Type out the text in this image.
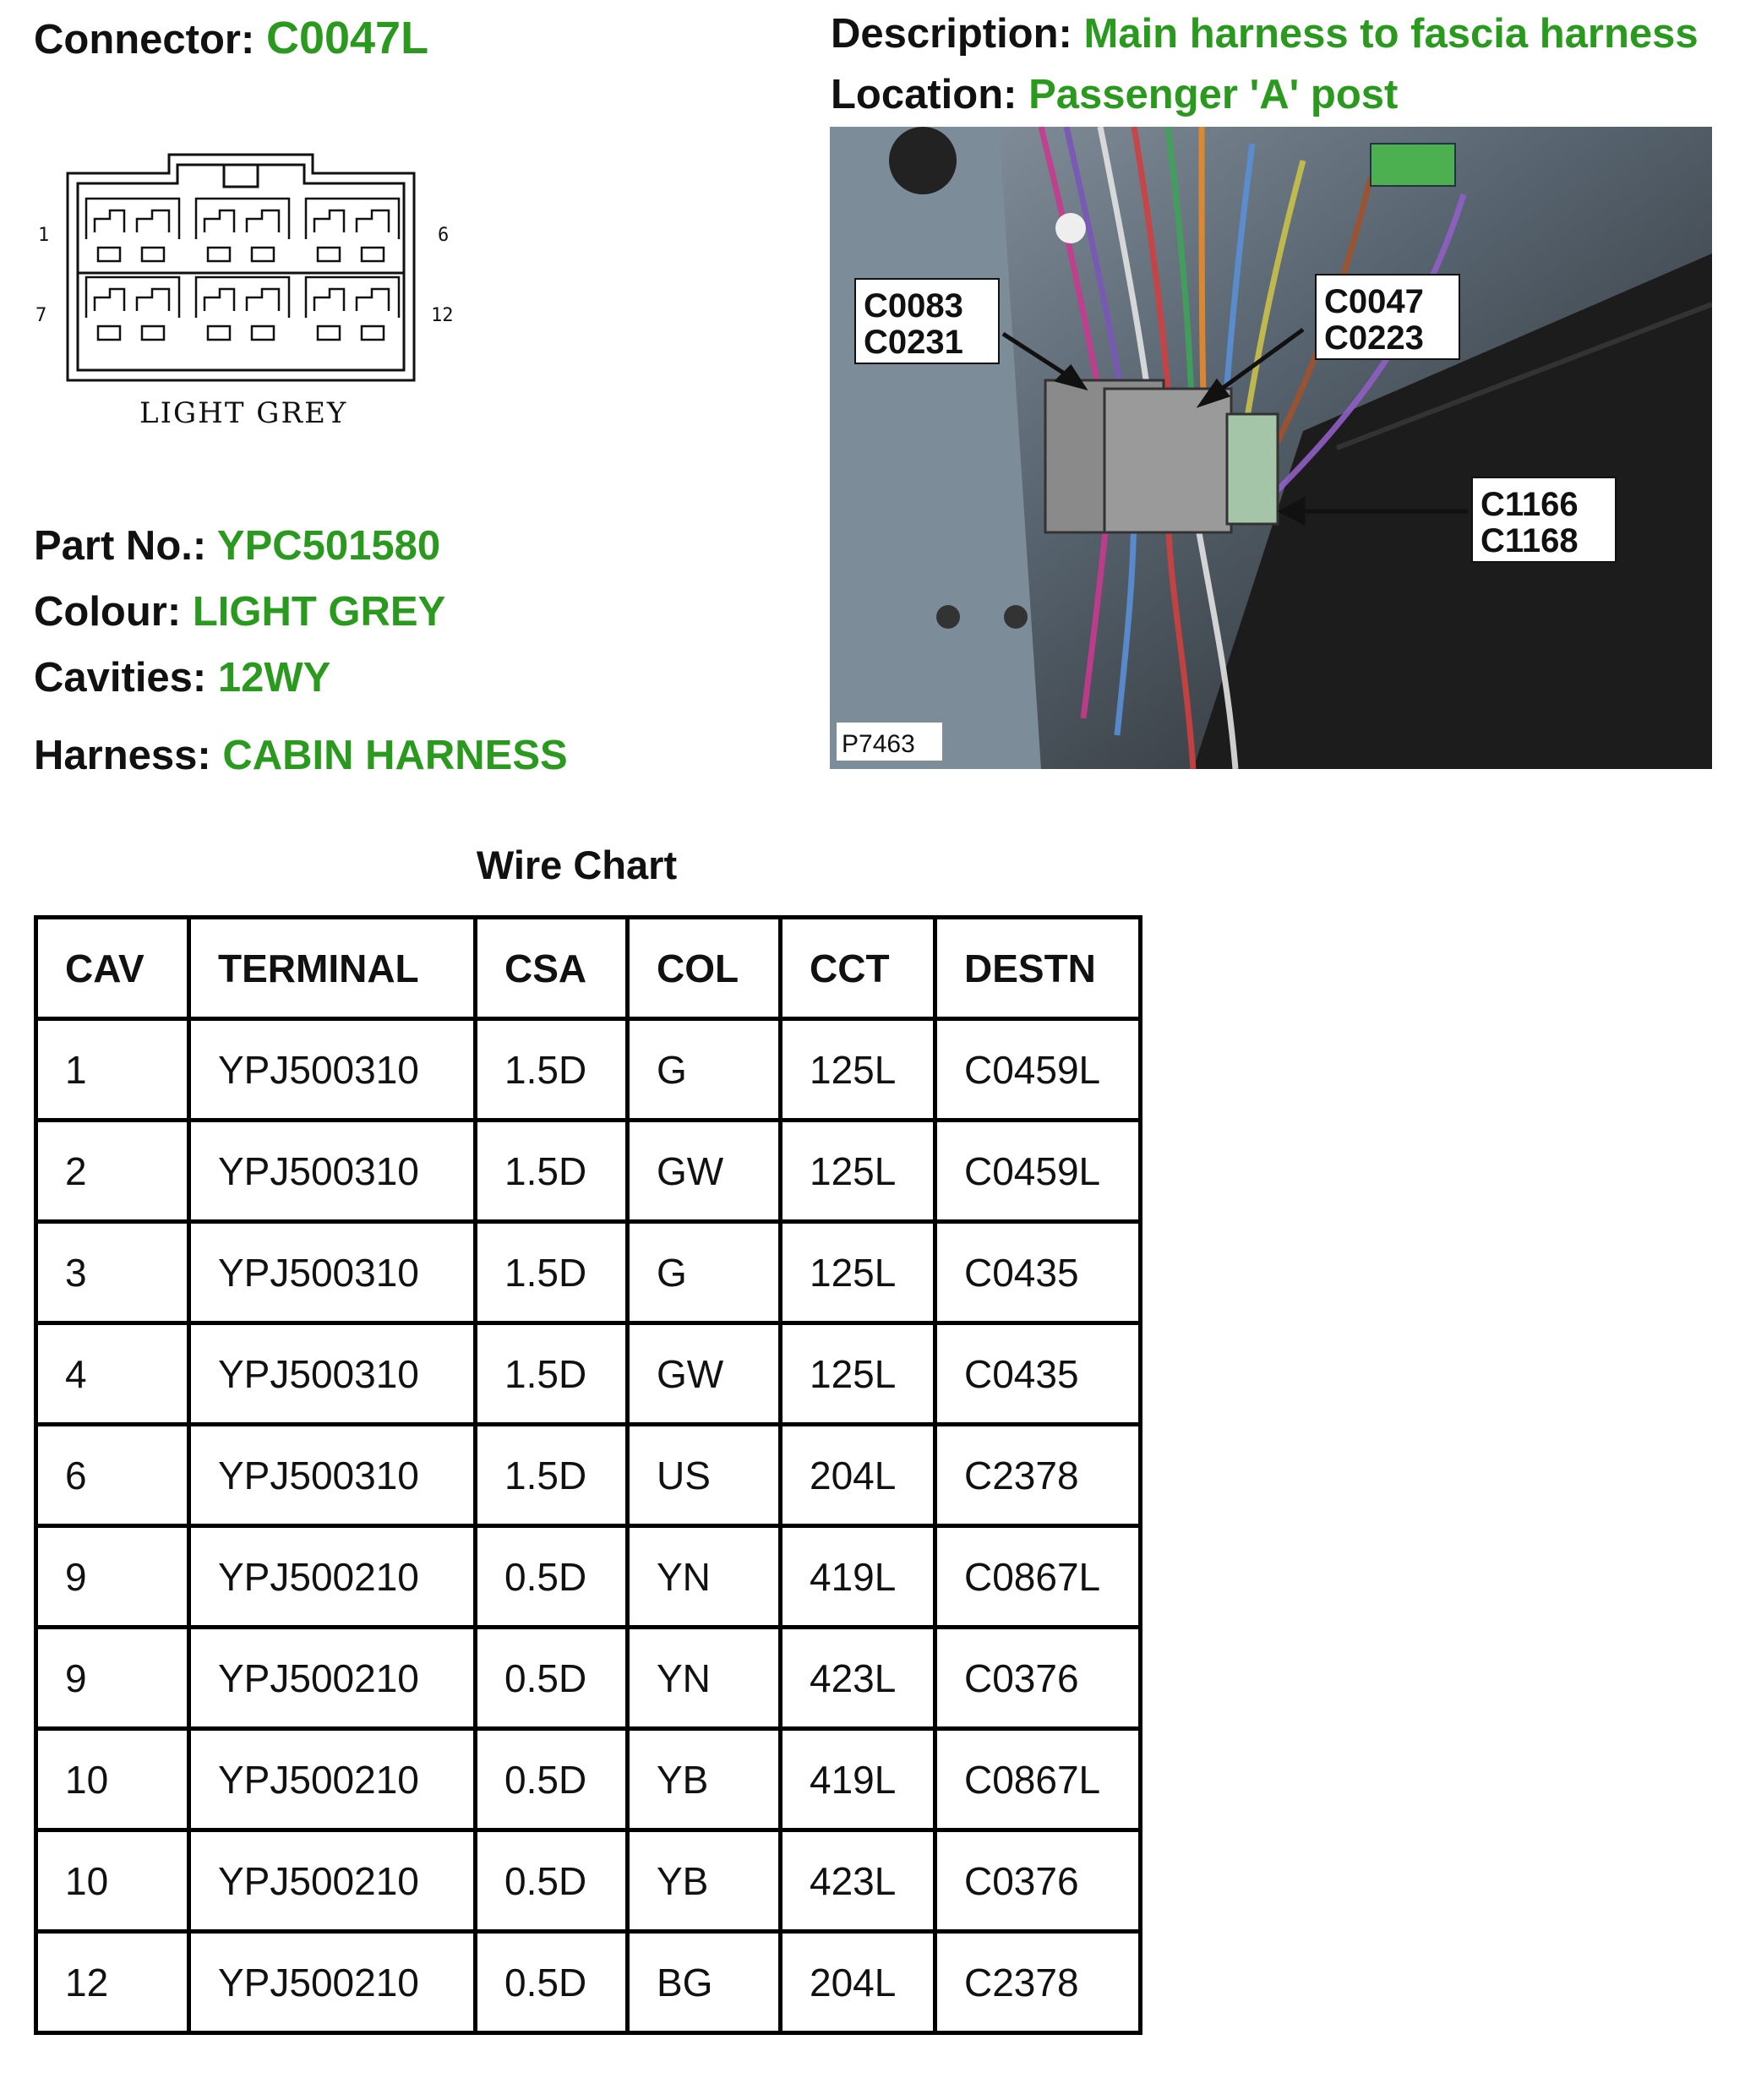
Connector: C0047L	Description: Main harness to fascia harness
Location: Passenger 'A' post
1	6
7	12
LIGHT GREY
C0083
C0231
C0047
C0223
C1166
C1168
P7463
Part No.: YPC501580
Colour: LIGHT GREY
Cavities: 12WY
Harness: CABIN HARNESS
Wire Chart
CAV	TERMINAL	CSA	COL	CCT	DESTN
1	YPJ500310	1.5D	G	125L	C0459L
2	YPJ500310	1.5D	GW	125L	C0459L
3	YPJ500310	1.5D	G	125L	C0435
4	YPJ500310	1.5D	GW	125L	C0435
6	YPJ500310	1.5D	US	204L	C2378
9	YPJ500210	0.5D	YN	419L	C0867L
9	YPJ500210	0.5D	YN	423L	C0376
10	YPJ500210	0.5D	YB	419L	C0867L
10	YPJ500210	0.5D	YB	423L	C0376
12	YPJ500210	0.5D	BG	204L	C2378
